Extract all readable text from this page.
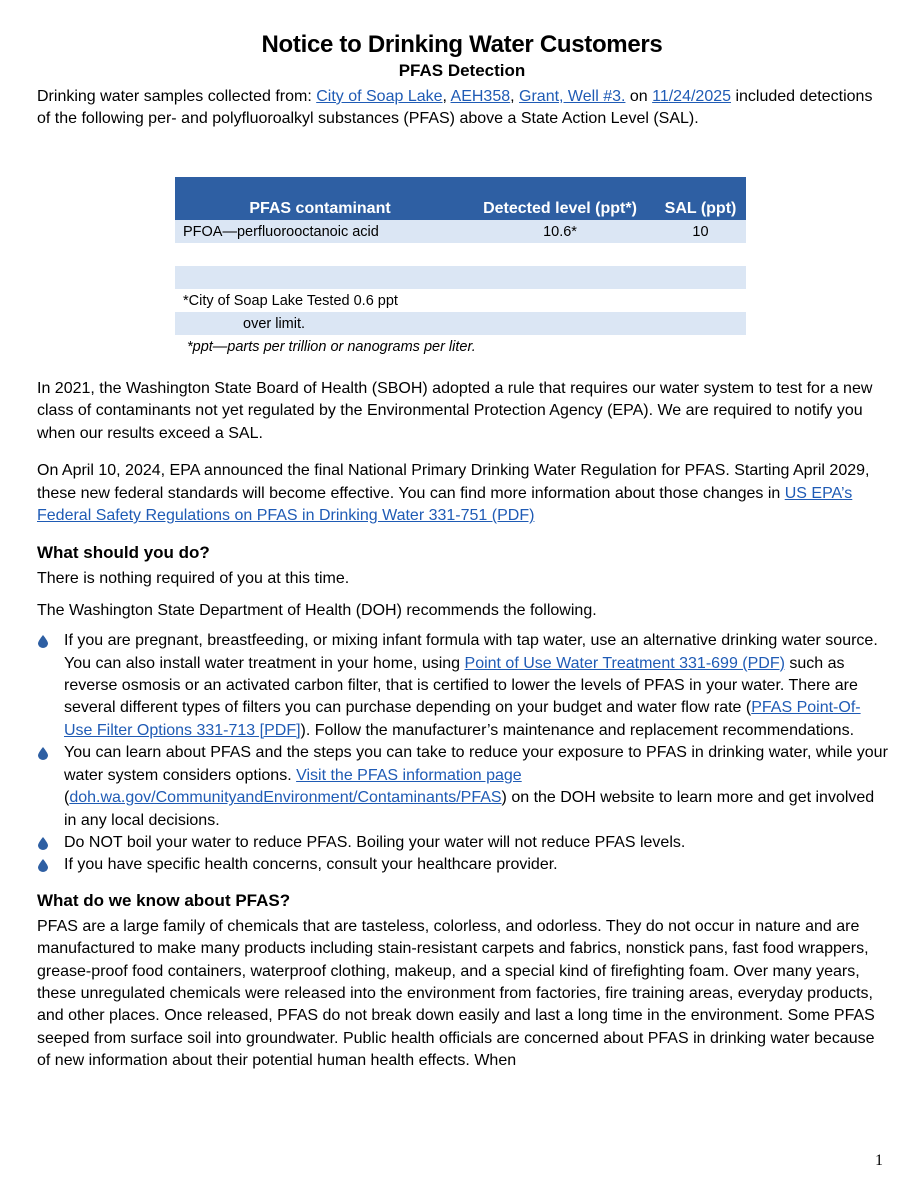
Notice to Drinking Water Customers
PFAS Detection

Drinking water samples collected from: City of Soap Lake, AEH358, Grant, Well #3. on 11/24/2025 included detections of the following per- and polyfluoroalkyl substances (PFAS) above a State Action Level (SAL).

PFAS contaminant	Detected level (ppt*)	SAL (ppt)
PFOA—perfluorooctanoic acid	10.6*	10
*City of Soap Lake Tested 0.6 ppt
over limit.
*ppt—parts per trillion or nanograms per liter.

In 2021, the Washington State Board of Health (SBOH) adopted a rule that requires our water system to test for a new class of contaminants not yet regulated by the Environmental Protection Agency (EPA). We are required to notify you when our results exceed a SAL.

On April 10, 2024, EPA announced the final National Primary Drinking Water Regulation for PFAS. Starting April 2029, these new federal standards will become effective. You can find more information about those changes in US EPA’s Federal Safety Regulations on PFAS in Drinking Water 331-751 (PDF)

What should you do?

There is nothing required of you at this time.

The Washington State Department of Health (DOH) recommends the following.

If you are pregnant, breastfeeding, or mixing infant formula with tap water, use an alternative drinking water source. You can also install water treatment in your home, using Point of Use Water Treatment 331-699 (PDF) such as reverse osmosis or an activated carbon filter, that is certified to lower the levels of PFAS in your water. There are several different types of filters you can purchase depending on your budget and water flow rate (PFAS Point-Of-Use Filter Options 331-713 [PDF]). Follow the manufacturer’s maintenance and replacement recommendations.
You can learn about PFAS and the steps you can take to reduce your exposure to PFAS in drinking water, while your water system considers options. Visit the PFAS information page (doh.wa.gov/CommunityandEnvironment/Contaminants/PFAS) on the DOH website to learn more and get involved in any local decisions.
Do NOT boil your water to reduce PFAS. Boiling your water will not reduce PFAS levels.
If you have specific health concerns, consult your healthcare provider.
What do we know about PFAS?

PFAS are a large family of chemicals that are tasteless, colorless, and odorless. They do not occur in nature and are manufactured to make many products including stain-resistant carpets and fabrics, nonstick pans, fast food wrappers, grease-proof food containers, waterproof clothing, makeup, and a special kind of firefighting foam. Over many years, these unregulated chemicals were released into the environment from factories, fire training areas, everyday products, and other places. Once released, PFAS do not break down easily and last a long time in the environment. Some PFAS seeped from surface soil into groundwater. Public health officials are concerned about PFAS in drinking water because of new information about their potential human health effects. When

1
